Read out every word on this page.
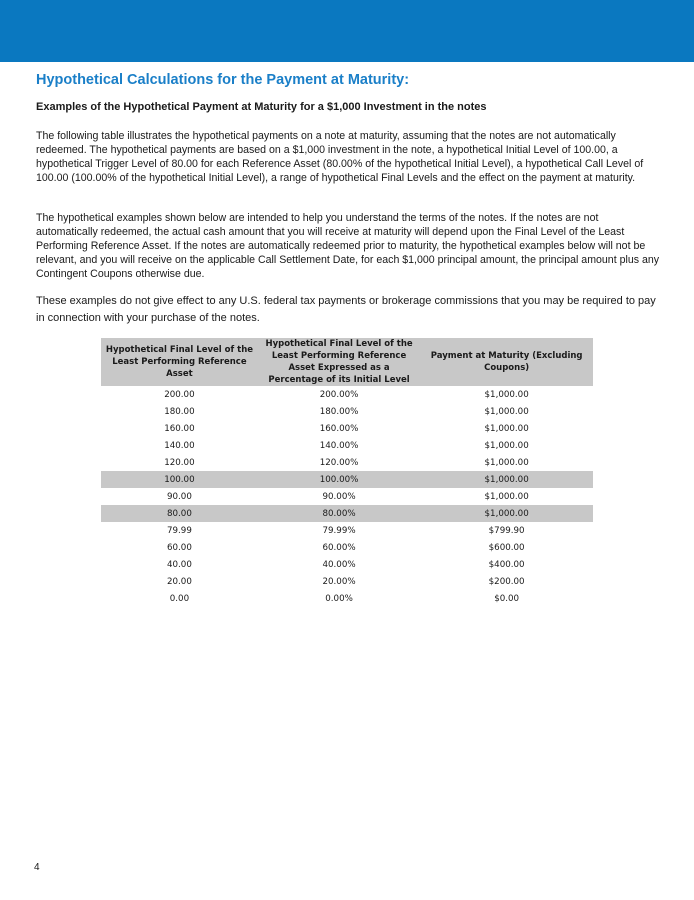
Hypothetical Calculations for the Payment at Maturity:
Examples of the Hypothetical Payment at Maturity for a $1,000 Investment in the notes

The following table illustrates the hypothetical payments on a note at maturity, assuming that the notes are not automatically redeemed. The hypothetical payments are based on a $1,000 investment in the note, a hypothetical Initial Level of 100.00, a hypothetical Trigger Level of 80.00 for each Reference Asset (80.00% of the hypothetical Initial Level), a hypothetical Call Level of 100.00 (100.00% of the hypothetical Initial Level), a range of hypothetical Final Levels and the effect on the payment at maturity.

The hypothetical examples shown below are intended to help you understand the terms of the notes. If the notes are not automatically redeemed, the actual cash amount that you will receive at maturity will depend upon the Final Level of the Least Performing Reference Asset. If the notes are automatically redeemed prior to maturity, the hypothetical examples below will not be relevant, and you will receive on the applicable Call Settlement Date, for each $1,000 principal amount, the principal amount plus any Contingent Coupons otherwise due.

These examples do not give effect to any U.S. federal tax payments or brokerage commissions that you may be required to pay in connection with your purchase of the notes.

Hypothetical Final Level of the Least Performing Reference Asset	Hypothetical Final Level of the Least Performing Reference Asset Expressed as a Percentage of its Initial Level	Payment at Maturity (Excluding Coupons)
200.00	200.00%	$1,000.00
180.00	180.00%	$1,000.00
160.00	160.00%	$1,000.00
140.00	140.00%	$1,000.00
120.00	120.00%	$1,000.00
100.00	100.00%	$1,000.00
90.00	90.00%	$1,000.00
80.00	80.00%	$1,000.00
79.99	79.99%	$799.90
60.00	60.00%	$600.00
40.00	40.00%	$400.00
20.00	20.00%	$200.00
0.00	0.00%	$0.00
4
